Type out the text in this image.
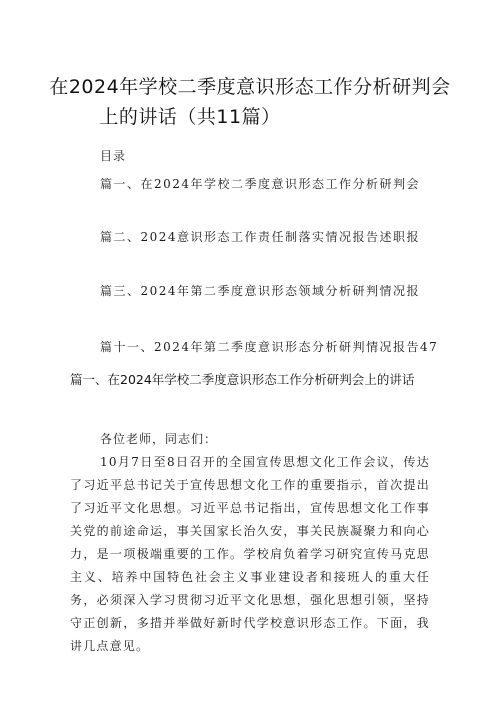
在2024年学校二季度意识形态工作分析研判会
上的讲话（共11篇）
目录
篇一、在2024年学校二季度意识形态工作分析研判会
篇二、2024意识形态工作责任制落实情况报告述职报
篇三、2024年第二季度意识形态领域分析研判情况报
篇十一、2024年第二季度意识形态分析研判情况报告47
篇一、在2024年学校二季度意识形态工作分析研判会上的讲话
各位老师，同志们：

10月7日至8日召开的全国宣传思想文化工作会议，传达了习近平总书记关于宣传思想文化工作的重要指示，首次提出了习近平文化思想。习近平总书记指出，宣传思想文化工作事关党的前途命运，事关国家长治久安，事关民族凝聚力和向心力，是一项极端重要的工作。学校肩负着学习研究宣传马克思主义、培养中国特色社会主义事业建设者和接班人的重大任务，必须深入学习贯彻习近平文化思想，强化思想引领，坚持守正创新，多措并举做好新时代学校意识形态工作。下面，我讲几点意见。
